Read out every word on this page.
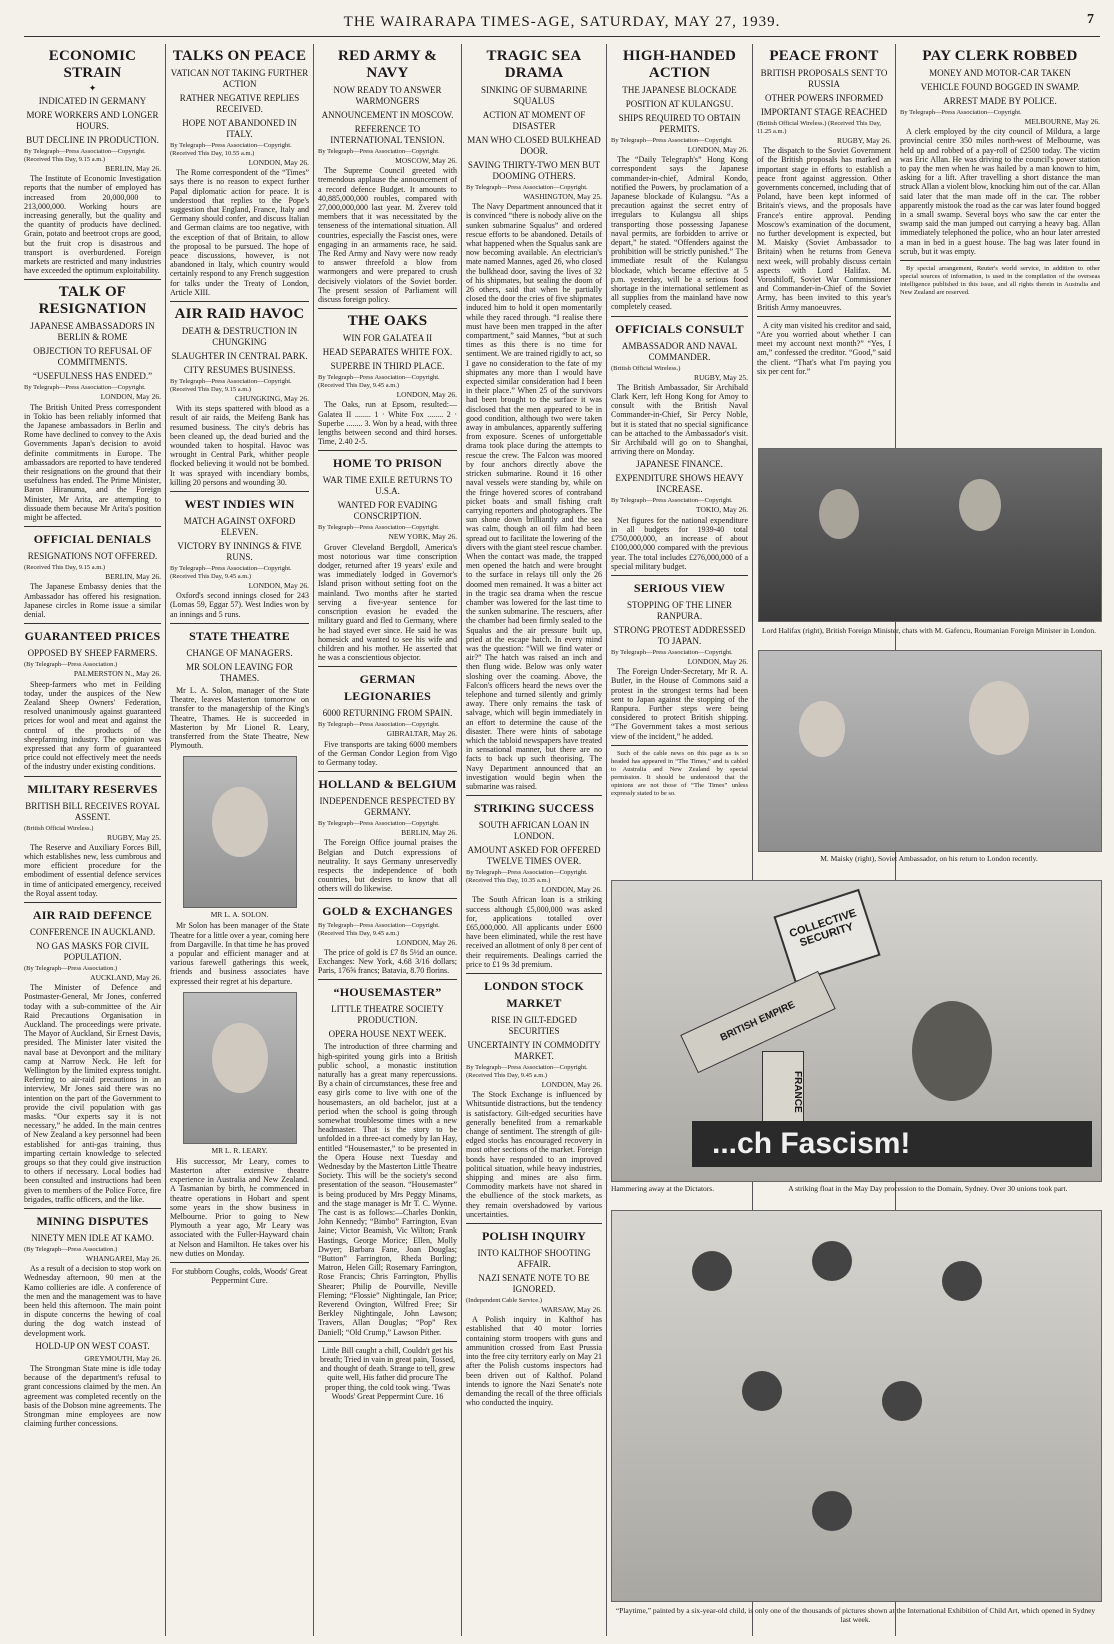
THE WAIRARAPA TIMES-AGE, SATURDAY, MAY 27, 1939.	7
ECONOMIC STRAIN
✦
INDICATED IN GERMANY
MORE WORKERS AND LONGER HOURS.
BUT DECLINE IN PRODUCTION.
By Telegraph—Press Association—Copyright. (Received This Day, 9.15 a.m.)
BERLIN, May 26.

The Institute of Economic Investigation reports that the number of employed has increased from 20,000,000 to 213,000,000. Working hours are increasing generally, but the quality and the quantity of products have declined. Grain, potato and beetroot crops are good, but the fruit crop is disastrous and transport is overburdened. Foreign markets are restricted and many industries have exceeded the optimum exploitability.

TALK OF RESIGNATION
JAPANESE AMBASSADORS IN BERLIN & ROME
OBJECTION TO REFUSAL OF COMMITMENTS.
“USEFULNESS HAS ENDED.”
By Telegraph—Press Association—Copyright.
LONDON, May 26.

The British United Press correspondent in Tokio has been reliably informed that the Japanese ambassadors in Berlin and Rome have declined to convey to the Axis Governments Japan's decision to avoid definite commitments in Europe. The ambassadors are reported to have tendered their resignations on the ground that their usefulness has ended. The Prime Minister, Baron Hiranuma, and the Foreign Minister, Mr Arita, are attempting to dissuade them because Mr Arita's position might be affected.

OFFICIAL DENIALS
RESIGNATIONS NOT OFFERED.
(Received This Day, 9.15 a.m.)
BERLIN, May 26.

The Japanese Embassy denies that the Ambassador has offered his resignation. Japanese circles in Rome issue a similar denial.

GUARANTEED PRICES
OPPOSED BY SHEEP FARMERS.
(By Telegraph—Press Association.)
PALMERSTON N., May 26.

Sheep-farmers who met in Feilding today, under the auspices of the New Zealand Sheep Owners' Federation, resolved unanimously against guaranteed prices for wool and meat and against the control of the products of the sheepfarming industry. The opinion was expressed that any form of guaranteed price could not effectively meet the needs of the industry under existing conditions.

MILITARY RESERVES
BRITISH BILL RECEIVES ROYAL ASSENT.
(British Official Wireless.)
RUGBY, May 25.

The Reserve and Auxiliary Forces Bill, which establishes new, less cumbrous and more efficient procedure for the embodiment of essential defence services in time of anticipated emergency, received the Royal assent today.

AIR RAID DEFENCE
CONFERENCE IN AUCKLAND.
NO GAS MASKS FOR CIVIL POPULATION.
(By Telegraph—Press Association.)
AUCKLAND, May 26.

The Minister of Defence and Postmaster-General, Mr Jones, conferred today with a sub-committee of the Air Raid Precautions Organisation in Auckland. The proceedings were private. The Mayor of Auckland, Sir Ernest Davis, presided. The Minister later visited the naval base at Devonport and the military camp at Narrow Neck. He left for Wellington by the limited express tonight. Referring to air-raid precautions in an interview, Mr Jones said there was no intention on the part of the Government to provide the civil population with gas masks. “Our experts say it is not necessary,” he added. In the main centres of New Zealand a key personnel had been established for anti-gas training, thus imparting certain knowledge to selected groups so that they could give instruction to others if necessary. Local bodies had been consulted and instructions had been given to members of the Police Force, fire brigades, traffic officers, and the like.

MINING DISPUTES
NINETY MEN IDLE AT KAMO.
(By Telegraph—Press Association.)
WHANGAREI, May 26.

As a result of a decision to stop work on Wednesday afternoon, 90 men at the Kamo collieries are idle. A conference of the men and the management was to have been held this afternoon. The main point in dispute concerns the hewing of coal during the dog watch instead of development work.

HOLD-UP ON WEST COAST.
GREYMOUTH, May 26.

The Strongman State mine is idle today because of the department's refusal to grant concessions claimed by the men. An agreement was completed recently on the basis of the Dobson mine agreements. The Strongman mine employees are now claiming further concessions.

TALKS ON PEACE
VATICAN NOT TAKING FURTHER ACTION
RATHER NEGATIVE REPLIES RECEIVED.
HOPE NOT ABANDONED IN ITALY.
By Telegraph—Press Association—Copyright. (Received This Day, 10.55 a.m.)
LONDON, May 26.

The Rome correspondent of the “Times” says there is no reason to expect further Papal diplomatic action for peace. It is understood that replies to the Pope's suggestion that England, France, Italy and Germany should confer, and discuss Italian and German claims are too negative, with the exception of that of Britain, to allow the proposal to be pursued. The hope of peace discussions, however, is not abandoned in Italy, which country would certainly respond to any French suggestion for talks under the Treaty of London, Article XIII.

AIR RAID HAVOC
DEATH & DESTRUCTION IN CHUNGKING
SLAUGHTER IN CENTRAL PARK.
CITY RESUMES BUSINESS.
By Telegraph—Press Association—Copyright. (Received This Day, 9.15 a.m.)
CHUNGKING, May 26.

With its steps spattered with blood as a result of air raids, the Meifeng Bank has resumed business. The city's debris has been cleaned up, the dead buried and the wounded taken to hospital. Havoc was wrought in Central Park, whither people flocked believing it would not be bombed. It was sprayed with incendiary bombs, killing 20 persons and wounding 30.

WEST INDIES WIN
MATCH AGAINST OXFORD ELEVEN.
VICTORY BY INNINGS & FIVE RUNS.
By Telegraph—Press Association—Copyright. (Received This Day, 9.45 a.m.)
LONDON, May 26.

Oxford's second innings closed for 243 (Lomas 59, Eggar 57). West Indies won by an innings and 5 runs.

STATE THEATRE
CHANGE OF MANAGERS.
MR SOLON LEAVING FOR THAMES.

Mr L. A. Solon, manager of the State Theatre, leaves Masterton tomorrow on transfer to the managership of the King's Theatre, Thames. He is succeeded in Masterton by Mr Lionel R. Leary, transferred from the State Theatre, New Plymouth.

MR L. A. SOLON.

Mr Solon has been manager of the State Theatre for a little over a year, coming here from Dargaville. In that time he has proved a popular and efficient manager and at various farewell gatherings this week, friends and business associates have expressed their regret at his departure.

MR L. R. LEARY.

His successor, Mr Leary, comes to Masterton after extensive theatre experience in Australia and New Zealand. A Tasmanian by birth, he commenced in theatre operations in Hobart and spent some years in the show business in Melbourne. Prior to going to New Plymouth a year ago, Mr Leary was associated with the Fuller-Hayward chain at Nelson and Hamilton. He takes over his new duties on Monday.

For stubborn Coughs, colds, Woods' Great Peppermint Cure.

RED ARMY & NAVY
NOW READY TO ANSWER WARMONGERS
ANNOUNCEMENT IN MOSCOW.
REFERENCE TO INTERNATIONAL TENSION.
By Telegraph—Press Association—Copyright.
MOSCOW, May 26.

The Supreme Council greeted with tremendous applause the announcement of a record defence Budget. It amounts to 40,885,000,000 roubles, compared with 27,000,000,000 last year. M. Zverev told members that it was necessitated by the tenseness of the international situation. All countries, especially the Fascist ones, were engaging in an armaments race, he said. The Red Army and Navy were now ready to answer threefold a blow from warmongers and were prepared to crush decisively violators of the Soviet border. The present session of Parliament will discuss foreign policy.

THE OAKS
WIN FOR GALATEA II
HEAD SEPARATES WHITE FOX.
SUPERBE IN THIRD PLACE.
By Telegraph—Press Association—Copyright. (Received This Day, 9.45 a.m.)
LONDON, May 26.

The Oaks, run at Epsom, resulted:— Galatea II ........ 1 · White Fox ........ 2 · Superbe ........ 3. Won by a head, with three lengths between second and third horses. Time, 2.40 2-5.

HOME TO PRISON
WAR TIME EXILE RETURNS TO U.S.A.
WANTED FOR EVADING CONSCRIPTION.
By Telegraph—Press Association—Copyright.
NEW YORK, May 26.

Grover Cleveland Bergdoll, America's most notorious war time conscription dodger, returned after 19 years' exile and was immediately lodged in Governor's Island prison without setting foot on the mainland. Two months after he started serving a five-year sentence for conscription evasion he evaded the military guard and fled to Germany, where he had stayed ever since. He said he was homesick and wanted to see his wife and children and his mother. He asserted that he was a conscientious objector.

GERMAN LEGIONARIES
6000 RETURNING FROM SPAIN.
By Telegraph—Press Association—Copyright.
GIBRALTAR, May 26.

Five transports are taking 6000 members of the German Condor Legion from Vigo to Germany today.

HOLLAND & BELGIUM
INDEPENDENCE RESPECTED BY GERMANY.
By Telegraph—Press Association—Copyright.
BERLIN, May 26.

The Foreign Office journal praises the Belgian and Dutch expressions of neutrality. It says Germany unreservedly respects the independence of both countries, but desires to know that all others will do likewise.

GOLD & EXCHANGES
By Telegraph—Press Association—Copyright. (Received This Day, 9.45 a.m.)
LONDON, May 26.

The price of gold is £7 8s 5½d an ounce. Exchanges: New York, 4.68 3/16 dollars; Paris, 176⅝ francs; Batavia, 8.70 florins.

“HOUSEMASTER”
LITTLE THEATRE SOCIETY PRODUCTION.
OPERA HOUSE NEXT WEEK.

The introduction of three charming and high-spirited young girls into a British public school, a monastic institution naturally has a great many repercussions. By a chain of circumstances, these free and easy girls come to live with one of the housemasters, an old bachelor, just at a period when the school is going through somewhat troublesome times with a new headmaster. That is the story to be unfolded in a three-act comedy by Ian Hay, entitled “Housemaster,” to be presented in the Opera House next Tuesday and Wednesday by the Masterton Little Theatre Society. This will be the society's second presentation of the season. “Housemaster” is being produced by Mrs Peggy Minams, and the stage manager is Mr T. C. Wynne. The cast is as follows:—Charles Donkin, John Kennedy; “Bimbo” Farrington, Evan Jaine; Victor Beamish, Vic Wilton; Frank Hastings, George Morice; Ellen, Molly Dwyer; Barbara Fane, Joan Douglas; “Button” Farrington, Rheda Burling; Matron, Helen Gill; Rosemary Farrington, Rose Francis; Chris Farrington, Phyllis Shearer; Philip de Pourville, Neville Fleming; “Flossie” Nightingale, Ian Price; Reverend Ovington, Wilfred Free; Sir Berkley Nightingale, John Lawson; Travers, Allan Douglas; “Pop” Rex Daniell; “Old Crump,” Lawson Pither.

Little Bill caught a chill, Couldn't get his breath; Tried in vain in great pain, Tossed, and thought of death. Strange to tell, grew quite well, His father did procure The proper thing, the cold took wing. 'Twas Woods' Great Peppermint Cure. 16

TRAGIC SEA DRAMA
SINKING OF SUBMARINE SQUALUS
ACTION AT MOMENT OF DISASTER
MAN WHO CLOSED BULKHEAD DOOR.
SAVING THIRTY-TWO MEN BUT DOOMING OTHERS.
By Telegraph—Press Association—Copyright.
WASHINGTON, May 25.

The Navy Department announced that it is convinced “there is nobody alive on the sunken submarine Squalus” and ordered rescue efforts to be abandoned. Details of what happened when the Squalus sank are now becoming available. An electrician's mate named Mannes, aged 26, who closed the bulkhead door, saving the lives of 32 of his shipmates, but sealing the doom of 26 others, said that when he partially closed the door the cries of five shipmates induced him to hold it open momentarily while they raced through. “I realise there must have been men trapped in the after compartment,” said Mannes, “but at such times as this there is no time for sentiment. We are trained rigidly to act, so I gave no consideration to the fate of my shipmates any more than I would have expected similar consideration had I been in their place.” When 25 of the survivors had been brought to the surface it was disclosed that the men appeared to be in good condition, although two were taken away in ambulances, apparently suffering from exposure. Scenes of unforgettable drama took place during the attempts to rescue the crew. The Falcon was moored by four anchors directly above the stricken submarine. Round it 16 other naval vessels were standing by, while on the fringe hovered scores of contraband picket boats and small fishing craft carrying reporters and photographers. The sun shone down brilliantly and the sea was calm, though an oil film had been spread out to facilitate the lowering of the divers with the giant steel rescue chamber. When the contact was made, the trapped men opened the hatch and were brought to the surface in relays till only the 26 doomed men remained. It was a bitter act in the tragic sea drama when the rescue chamber was lowered for the last time to the sunken submarine. The rescuers, after the chamber had been firmly sealed to the Squalus and the air pressure built up, pried at the escape hatch. In every mind was the question: “Will we find water or air?” The hatch was raised an inch and then flung wide. Below was only water sloshing over the coaming. Above, the Falcon's officers heard the news over the telephone and turned silently and grimly away. There only remains the task of salvage, which will begin immediately in an effort to determine the cause of the disaster. There were hints of sabotage which the tabloid newspapers have treated in sensational manner, but there are no facts to back up such theorising. The Navy Department announced that an investigation would begin when the submarine was raised.

STRIKING SUCCESS
SOUTH AFRICAN LOAN IN LONDON.
AMOUNT ASKED FOR OFFERED TWELVE TIMES OVER.
By Telegraph—Press Association—Copyright. (Received This Day, 10.35 a.m.)
LONDON, May 26.

The South African loan is a striking success although £5,000,000 was asked for, applications totalled over £65,000,000. All applicants under £600 have been eliminated, while the rest have received an allotment of only 8 per cent of their requirements. Dealings carried the price to £1 9s 3d premium.

LONDON STOCK MARKET
RISE IN GILT-EDGED SECURITIES
UNCERTAINTY IN COMMODITY MARKET.
By Telegraph—Press Association—Copyright. (Received This Day, 9.45 a.m.)
LONDON, May 26.

The Stock Exchange is influenced by Whitsuntide distractions, but the tendency is satisfactory. Gilt-edged securities have generally benefited from a remarkable change of sentiment. The strength of gilt-edged stocks has encouraged recovery in most other sections of the market. Foreign bonds have responded to an improved political situation, while heavy industries, shipping and mines are also firm. Commodity markets have not shared in the ebullience of the stock markets, as they remain overshadowed by various uncertainties.

POLISH INQUIRY
INTO KALTHOF SHOOTING AFFAIR.
NAZI SENATE NOTE TO BE IGNORED.
(Independent Cable Service.)
WARSAW, May 26.

A Polish inquiry in Kalthof has established that 40 motor lorries containing storm troopers with guns and ammunition crossed from East Prussia into the free city territory early on May 21 after the Polish customs inspectors had been driven out of Kalthof. Poland intends to ignore the Nazi Senate's note demanding the recall of the three officials who conducted the inquiry.

HIGH-HANDED ACTION
THE JAPANESE BLOCKADE
POSITION AT KULANGSU.
SHIPS REQUIRED TO OBTAIN PERMITS.
By Telegraph—Press Association—Copyright.
LONDON, May 26.

The “Daily Telegraph's” Hong Kong correspondent says the Japanese commander-in-chief, Admiral Kondo, notified the Powers, by proclamation of a Japanese blockade of Kulangsu. “As a precaution against the secret entry of irregulars to Kulangsu all ships transporting those possessing Japanese naval permits, are forbidden to arrive or depart,” he stated. “Offenders against the prohibition will be strictly punished.” The immediate result of the Kulangsu blockade, which became effective at 5 p.m. yesterday, will be a serious food shortage in the international settlement as all supplies from the mainland have now completely ceased.

OFFICIALS CONSULT
AMBASSADOR AND NAVAL COMMANDER.
(British Official Wireless.)
RUGBY, May 25.

The British Ambassador, Sir Archibald Clark Kerr, left Hong Kong for Amoy to consult with the British Naval Commander-in-Chief, Sir Percy Noble, but it is stated that no special significance can be attached to the Ambassador's visit. Sir Archibald will go on to Shanghai, arriving there on Monday.

JAPANESE FINANCE.
EXPENDITURE SHOWS HEAVY INCREASE.
By Telegraph—Press Association—Copyright.
TOKIO, May 26.

Net figures for the national expenditure in all budgets for 1939-40 total £750,000,000, an increase of about £100,000,000 compared with the previous year. The total includes £276,000,000 of a special military budget.

SERIOUS VIEW
STOPPING OF THE LINER RANPURA.
STRONG PROTEST ADDRESSED TO JAPAN.
By Telegraph—Press Association—Copyright.
LONDON, May 26.

The Foreign Under-Secretary, Mr R. A. Butler, in the House of Commons said a protest in the strongest terms had been sent to Japan against the stopping of the Ranpura. Further steps were being considered to protect British shipping. “The Government takes a most serious view of the incident,” he added.

Such of the cable news on this page as is so headed has appeared in “The Times,” and is cabled to Australia and New Zealand by special permission. It should be understood that the opinions are not those of “The Times” unless expressly stated to be so.

PEACE FRONT
BRITISH PROPOSALS SENT TO RUSSIA
OTHER POWERS INFORMED
IMPORTANT STAGE REACHED
(British Official Wireless.) (Received This Day, 11.25 a.m.)
RUGBY, May 26.

The dispatch to the Soviet Government of the British proposals has marked an important stage in efforts to establish a peace front against aggression. Other governments concerned, including that of Poland, have been kept informed of Britain's views, and the proposals have France's entire approval. Pending Moscow's examination of the document, no further development is expected, but M. Maisky (Soviet Ambassador to Britain) when he returns from Geneva next week, will probably discuss certain aspects with Lord Halifax. M. Voroshiloff, Soviet War Commissioner and Commander-in-Chief of the Soviet Army, has been invited to this year's British Army manoeuvres.

A city man visited his creditor and said, “Are you worried about whether I can meet my account next month?” “Yes, I am,” confessed the creditor. “Good,” said the client. “That's what I'm paying you six per cent for.”

PAY CLERK ROBBED
MONEY AND MOTOR-CAR TAKEN
VEHICLE FOUND BOGGED IN SWAMP.
ARREST MADE BY POLICE.
By Telegraph—Press Association—Copyright.
MELBOURNE, May 26.

A clerk employed by the city council of Mildura, a large provincial centre 350 miles north-west of Melbourne, was held up and robbed of a pay-roll of £2500 today. The victim was Eric Allan. He was driving to the council's power station to pay the men when he was hailed by a man known to him, asking for a lift. After travelling a short distance the man struck Allan a violent blow, knocking him out of the car. Allan said later that the man made off in the car. The robber apparently mistook the road as the car was later found bogged in a small swamp. Several boys who saw the car enter the swamp said the man jumped out carrying a heavy bag. Allan immediately telephoned the police, who an hour later arrested a man in bed in a guest house. The bag was later found in scrub, but it was empty.

By special arrangement, Reuter's world service, in addition to other special sources of information, is used in the compilation of the overseas intelligence published in this issue, and all rights therein in Australia and New Zealand are reserved.

Lord Halifax (right), British Foreign Minister, chats with M. Gafencu, Roumanian Foreign Minister in London.
M. Maisky (right), Soviet Ambassador, on his return to London recently.
COLLECTIVE SECURITY
BRITISH EMPIRE
FRANCE
...ch Fascism!
Hammering away at the Dictators.	A striking float in the May Day procession to the Domain, Sydney. Over 30 unions took part.
“Playtime,” painted by a six-year-old child, is only one of the thousands of pictures shown at the International Exhibition of Child Art, which opened in Sydney last week.
